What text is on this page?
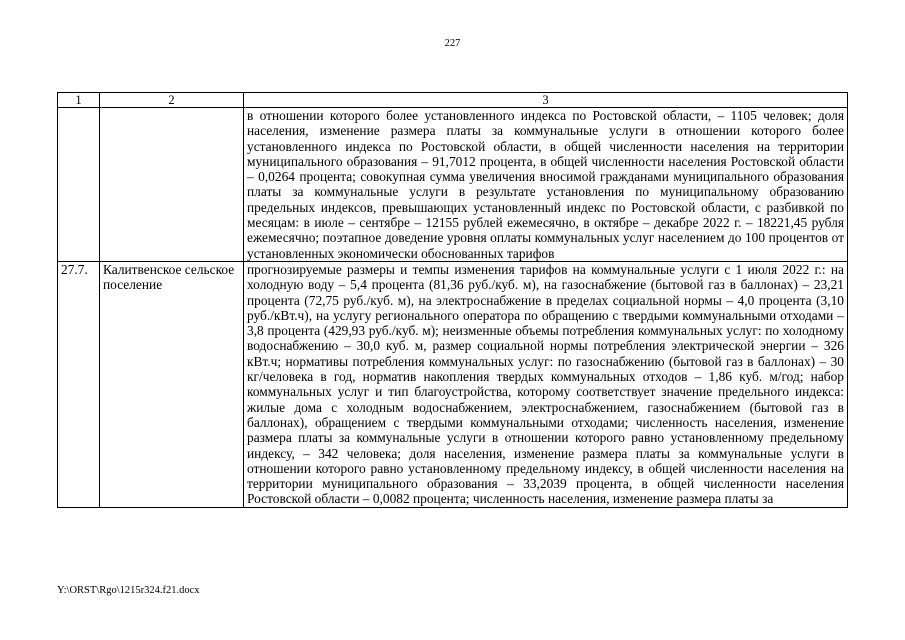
227
1	2	3

		в отношении которого более установленного индекса по Ростовской области, – 1105 человек; доля населения, изменение размера платы за коммунальные услуги в отношении которого более установленного индекса по Ростовской области, в общей численности населения на территории муниципального образования – 91,7012 процента, в общей численности населения Ростовской области – 0,0264 процента; совокупная сумма увеличения вносимой гражданами муниципального образования платы за коммунальные услуги в результате установления по муниципальному образованию предельных индексов, превышающих установленный индекс по Ростовской области, с разбивкой по месяцам: в июле – сентябре – 12155 рублей ежемесячно, в октябре – декабре 2022 г. – 18221,45 рубля ежемесячно; поэтапное доведение уровня оплаты коммунальных услуг населением до 100 процентов от установленных экономически обоснованных тарифов

27.7.	Калитвенское сельское поселение	прогнозируемые размеры и темпы изменения тарифов на коммунальные услуги с 1 июля 2022 г.: на холодную воду – 5,4 процента (81,36 руб./куб. м), на газоснабжение (бытовой газ в баллонах) – 23,21 процента (72,75 руб./куб. м), на электроснабжение в пределах социальной нормы – 4,0 процента (3,10 руб./кВт.ч), на услугу регионального оператора по обращению с твердыми коммунальными отходами – 3,8 процента (429,93 руб./куб. м); неизменные объемы потребления коммунальных услуг: по холодному водоснабжению – 30,0 куб. м, размер социальной нормы потребления электрической энергии – 326 кВт.ч; нормативы потребления коммунальных услуг: по газоснабжению (бытовой газ в баллонах) – 30 кг/человека в год, норматив накопления твердых коммунальных отходов – 1,86 куб. м/год; набор коммунальных услуг и тип благоустройства, которому соответствует значение предельного индекса: жилые дома с холодным водоснабжением, электроснабжением, газоснабжением (бытовой газ в баллонах), обращением с твердыми коммунальными отходами; численность населения, изменение размера платы за коммунальные услуги в отношении которого равно установленному предельному индексу, – 342 человека; доля населения, изменение размера платы за коммунальные услуги в отношении которого равно установленному предельному индексу, в общей численности населения на территории муниципального образования – 33,2039 процента, в общей численности населения Ростовской области – 0,0082 процента; численность населения, изменение размера платы за

Y:\ORST\Rgo\1215r324.f21.docx
